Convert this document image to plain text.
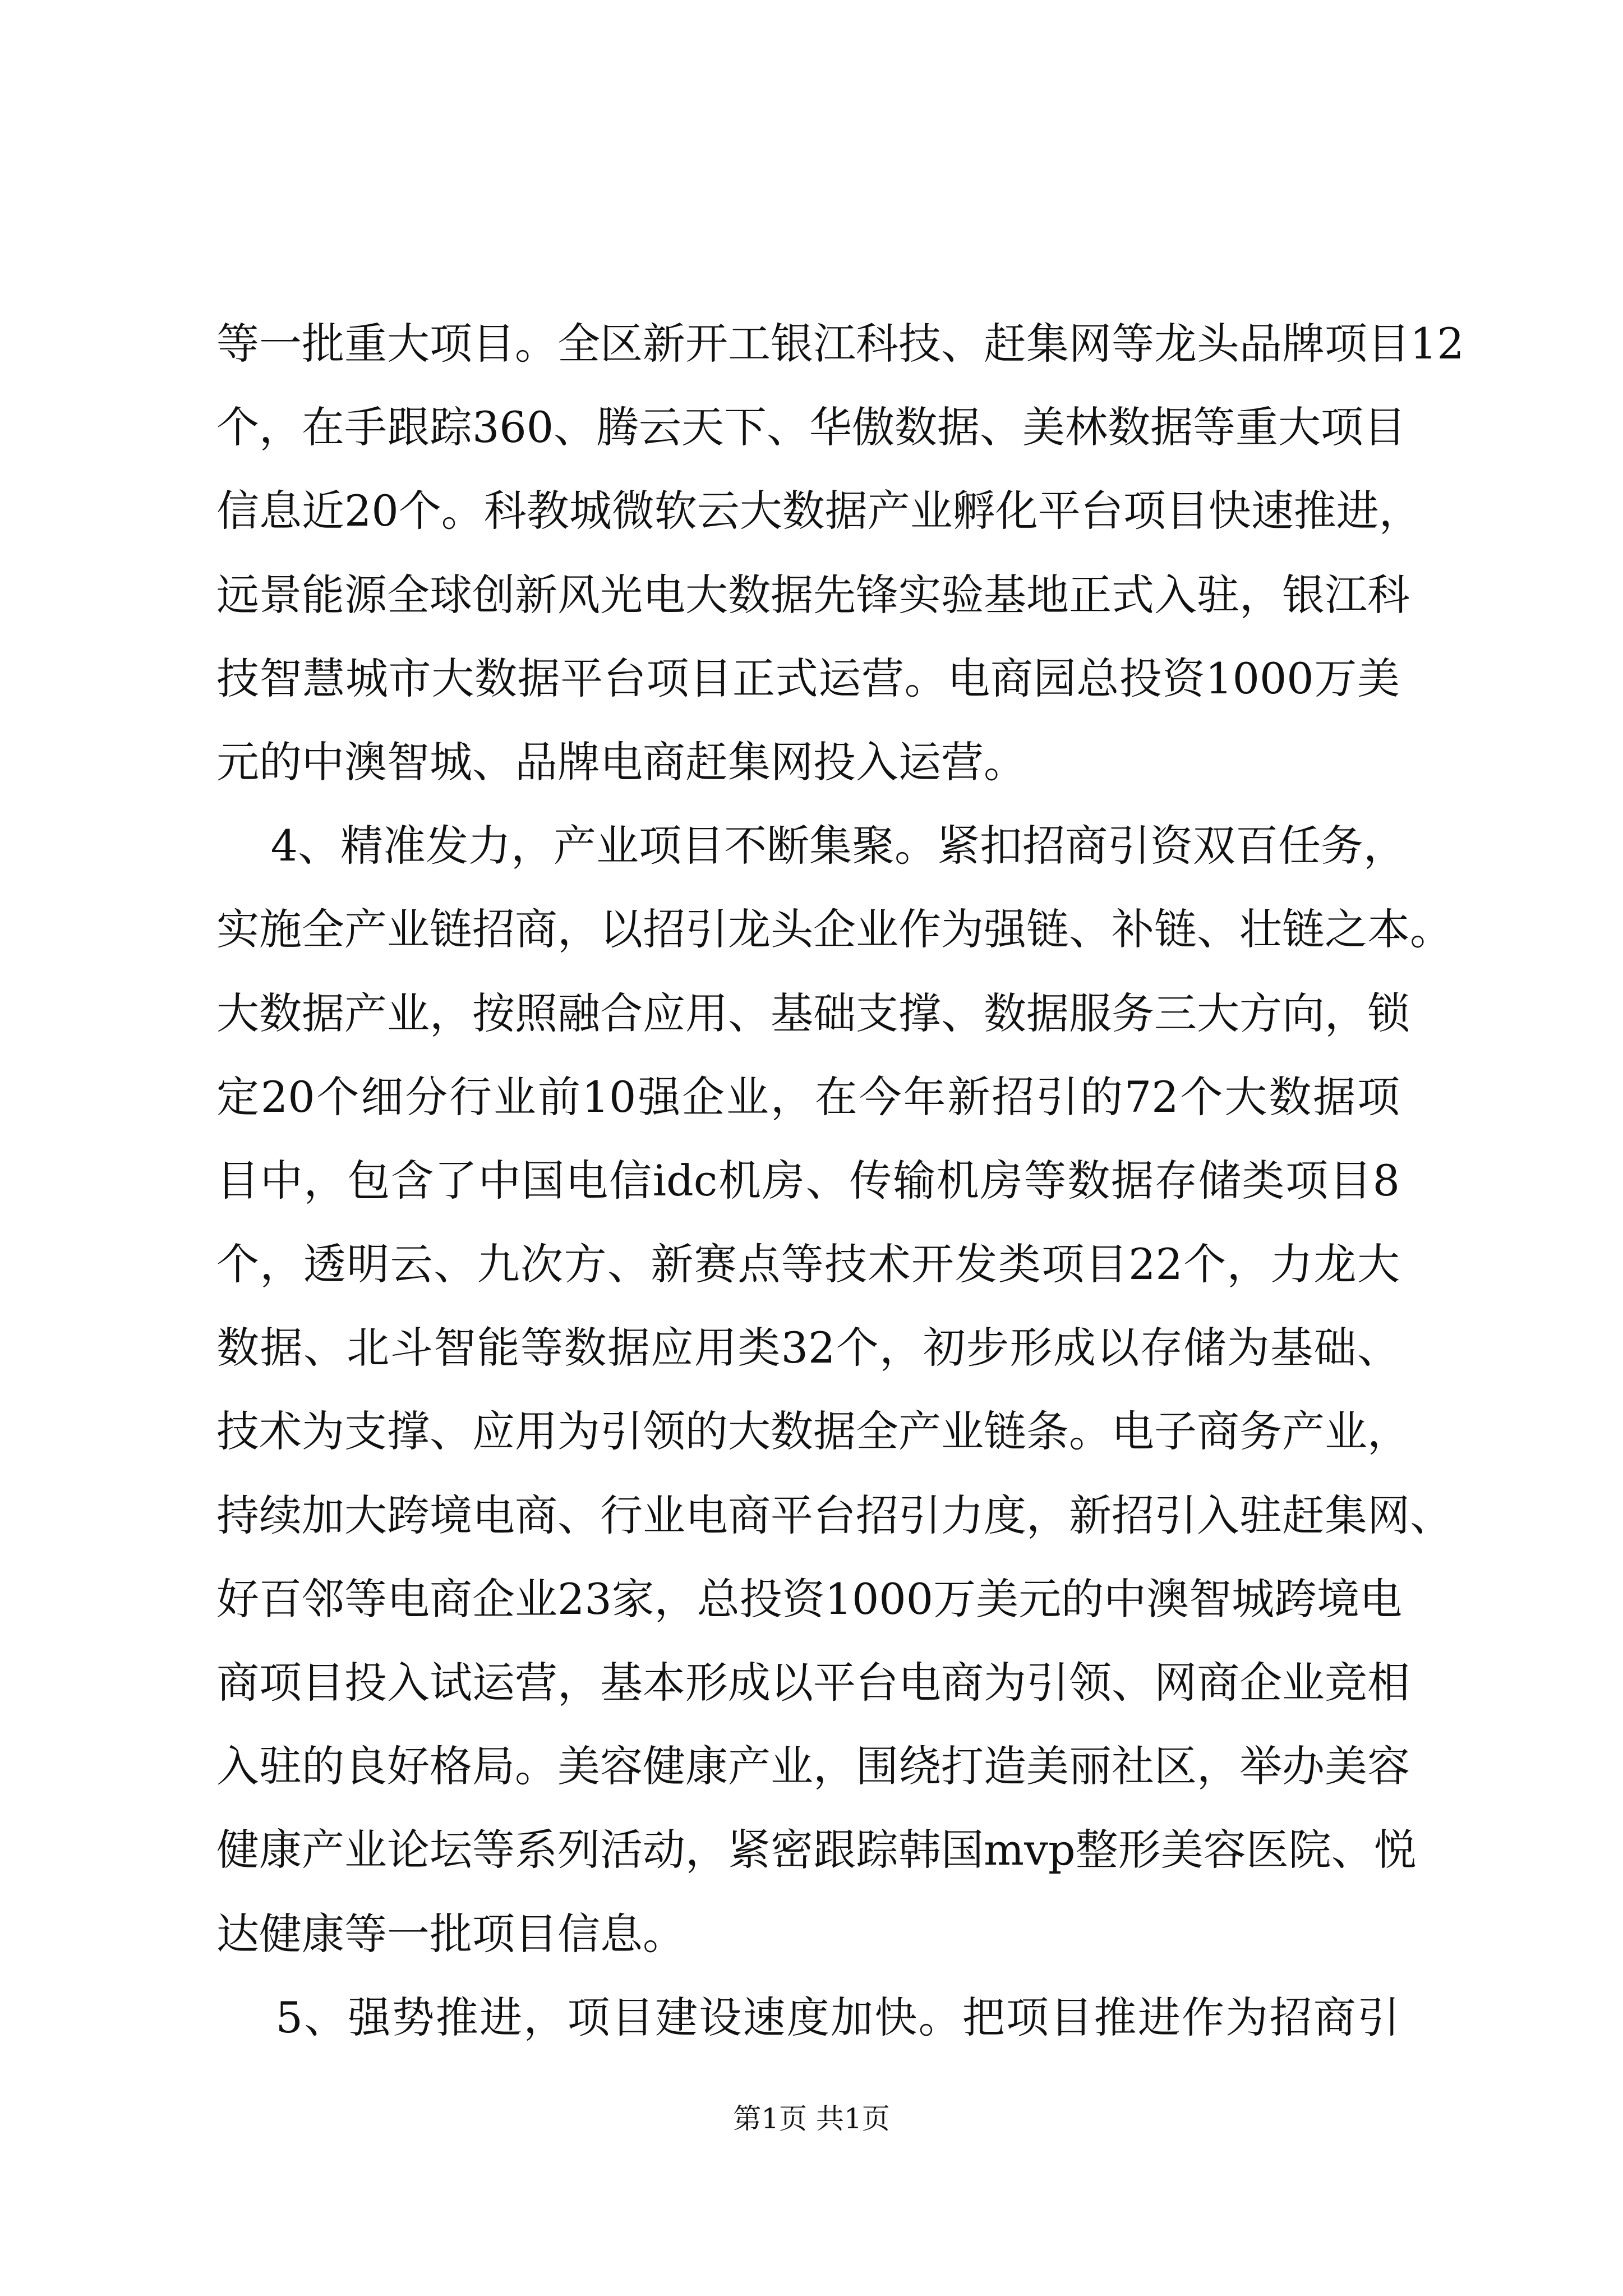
等一批重大项目。全区新开工银江科技、赶集网等龙头品牌项目12
个，在手跟踪360、腾云天下、华傲数据、美林数据等重大项目
信息近20个。科教城微软云大数据产业孵化平台项目快速推进，
远景能源全球创新风光电大数据先锋实验基地正式入驻，银江科
技智慧城市大数据平台项目正式运营。电商园总投资1000万美
元的中澳智城、品牌电商赶集网投入运营。
4、精准发力，产业项目不断集聚。紧扣招商引资双百任务，
实施全产业链招商，以招引龙头企业作为强链、补链、壮链之本。
大数据产业，按照融合应用、基础支撑、数据服务三大方向，锁
定20个细分行业前10强企业，在今年新招引的72个大数据项
目中，包含了中国电信idc机房、传输机房等数据存储类项目8
个，透明云、九次方、新赛点等技术开发类项目22个，力龙大
数据、北斗智能等数据应用类32个，初步形成以存储为基础、
技术为支撑、应用为引领的大数据全产业链条。电子商务产业，
持续加大跨境电商、行业电商平台招引力度，新招引入驻赶集网、
好百邻等电商企业23家，总投资1000万美元的中澳智城跨境电
商项目投入试运营，基本形成以平台电商为引领、网商企业竞相
入驻的良好格局。美容健康产业，围绕打造美丽社区，举办美容
健康产业论坛等系列活动，紧密跟踪韩国mvp整形美容医院、悦
达健康等一批项目信息。
5、强势推进，项目建设速度加快。把项目推进作为招商引
第1页 共1页
